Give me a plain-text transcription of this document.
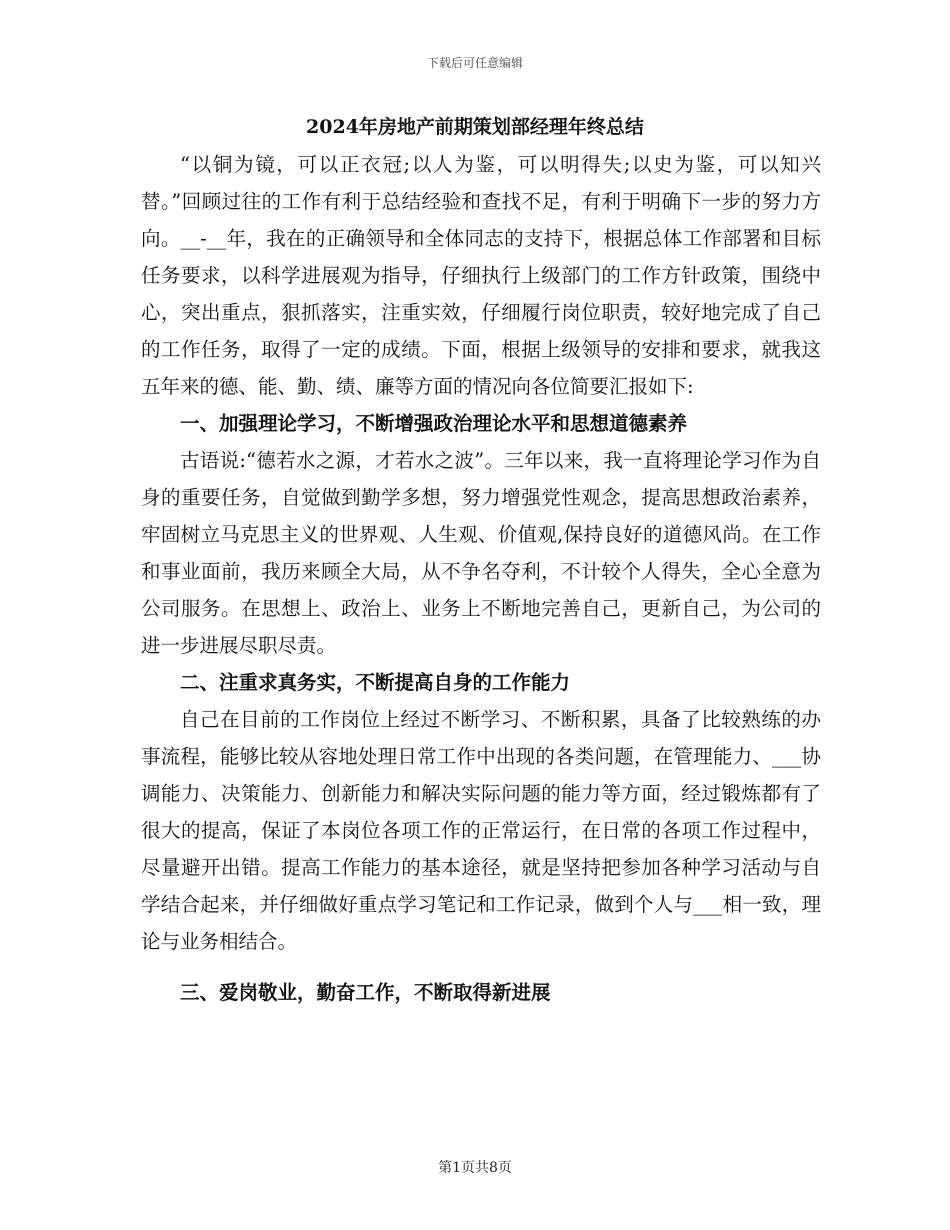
下载后可任意编辑
2024年房地产前期策划部经理年终总结

“以铜为镜，可以正衣冠;以人为鉴，可以明得失;以史为鉴，可以知兴替。”回顾过往的工作有利于总结经验和查找不足，有利于明确下一步的努力方向。__-__年，我在的正确领导和全体同志的支持下，根据总体工作部署和目标任务要求，以科学进展观为指导，仔细执行上级部门的工作方针政策，围绕中心，突出重点，狠抓落实，注重实效，仔细履行岗位职责，较好地完成了自己的工作任务，取得了一定的成绩。下面，根据上级领导的安排和要求，就我这五年来的德、能、勤、绩、廉等方面的情况向各位简要汇报如下:

一、加强理论学习，不断增强政治理论水平和思想道德素养

古语说:“德若水之源，才若水之波”。三年以来，我一直将理论学习作为自身的重要任务，自觉做到勤学多想，努力增强党性观念，提高思想政治素养，牢固树立马克思主义的世界观、人生观、价值观,保持良好的道德风尚。在工作和事业面前，我历来顾全大局，从不争名夺利，不计较个人得失，全心全意为公司服务。在思想上、政治上、业务上不断地完善自己，更新自己，为公司的进一步进展尽职尽责。

二、注重求真务实，不断提高自身的工作能力

自己在目前的工作岗位上经过不断学习、不断积累，具备了比较熟练的办事流程，能够比较从容地处理日常工作中出现的各类问题，在管理能力、___协调能力、决策能力、创新能力和解决实际问题的能力等方面，经过锻炼都有了很大的提高，保证了本岗位各项工作的正常运行，在日常的各项工作过程中，尽量避开出错。提高工作能力的基本途径，就是坚持把参加各种学习活动与自学结合起来，并仔细做好重点学习笔记和工作记录，做到个人与___相一致，理论与业务相结合。

三、爱岗敬业，勤奋工作，不断取得新进展

第1页共8页
